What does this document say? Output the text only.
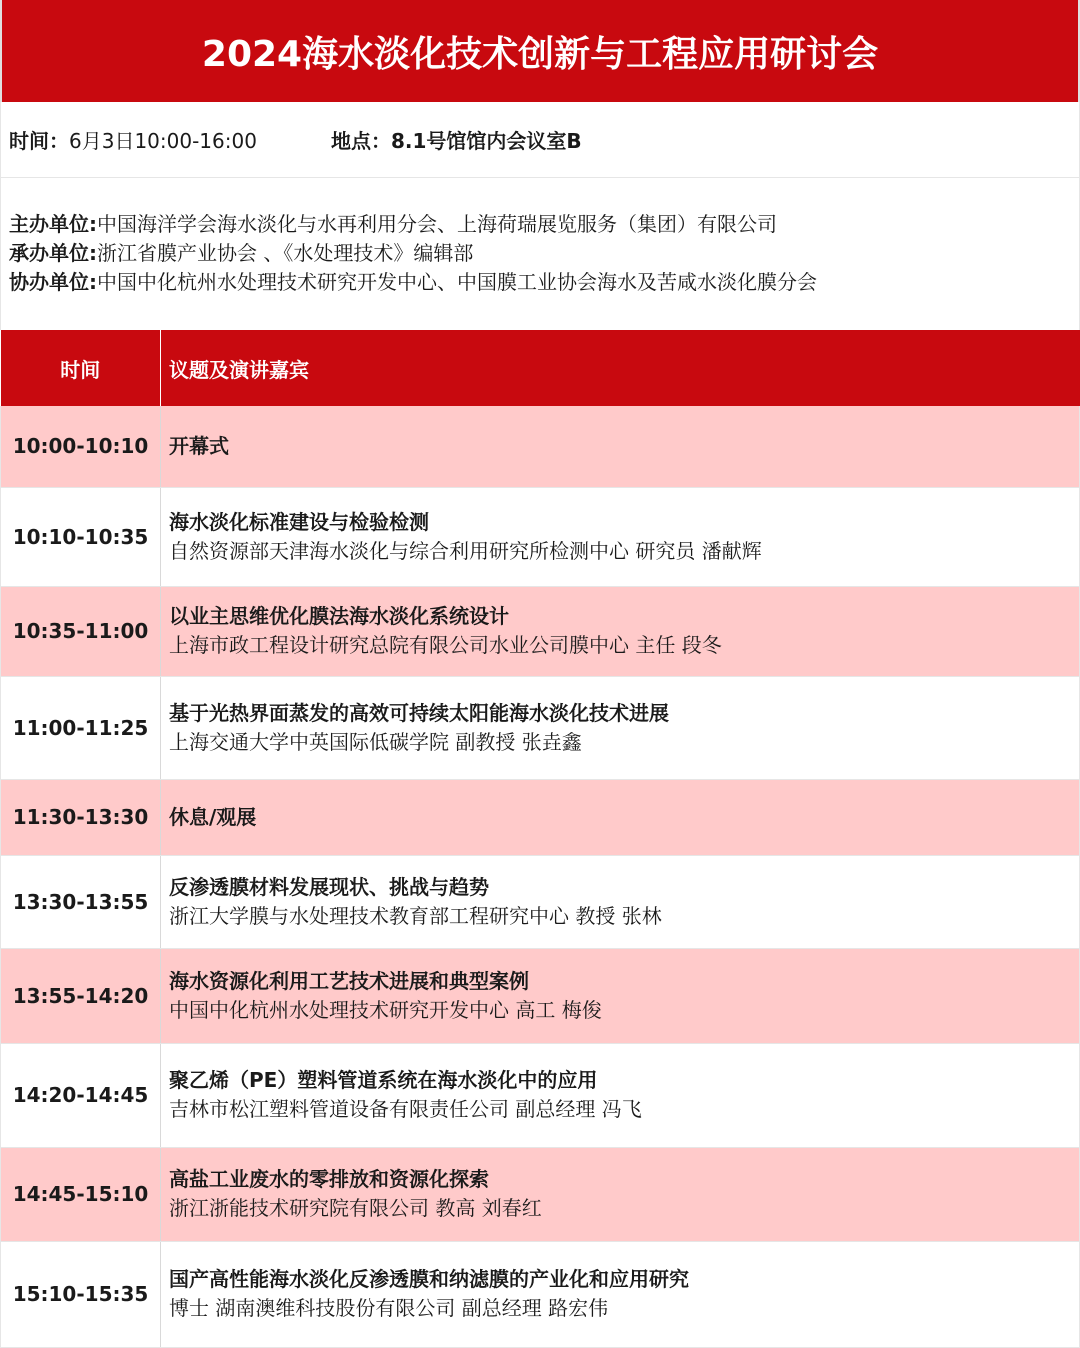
2024海水淡化技术创新与工程应用研讨会
时间：6月3日10:00-16:00	地点：8.1号馆馆内会议室B
主办单位:中国海洋学会海水淡化与水再利用分会、上海荷瑞展览服务（集团）有限公司
承办单位:浙江省膜产业协会 、《水处理技术》编辑部
协办单位:中国中化杭州水处理技术研究开发中心、中国膜工业协会海水及苦咸水淡化膜分会
时间	议题及演讲嘉宾
10:00-10:10	开幕式

10:10-10:35	海水淡化标准建设与检验检测
自然资源部天津海水淡化与综合利用研究所检测中心 研究员 潘献辉

10:35-11:00	以业主思维优化膜法海水淡化系统设计
上海市政工程设计研究总院有限公司水业公司膜中心 主任 段冬

11:00-11:25	基于光热界面蒸发的高效可持续太阳能海水淡化技术进展
上海交通大学中英国际低碳学院 副教授 张垚鑫

11:30-13:30	休息/观展

13:30-13:55	反渗透膜材料发展现状、挑战与趋势
浙江大学膜与水处理技术教育部工程研究中心 教授 张林

13:55-14:20	海水资源化利用工艺技术进展和典型案例
中国中化杭州水处理技术研究开发中心 高工 梅俊

14:20-14:45	聚乙烯（PE）塑料管道系统在海水淡化中的应用
吉林市松江塑料管道设备有限责任公司 副总经理 冯飞

14:45-15:10	高盐工业废水的零排放和资源化探索
浙江浙能技术研究院有限公司 教高 刘春红

15:10-15:35	国产高性能海水淡化反渗透膜和纳滤膜的产业化和应用研究
博士 湖南澳维科技股份有限公司 副总经理 路宏伟
